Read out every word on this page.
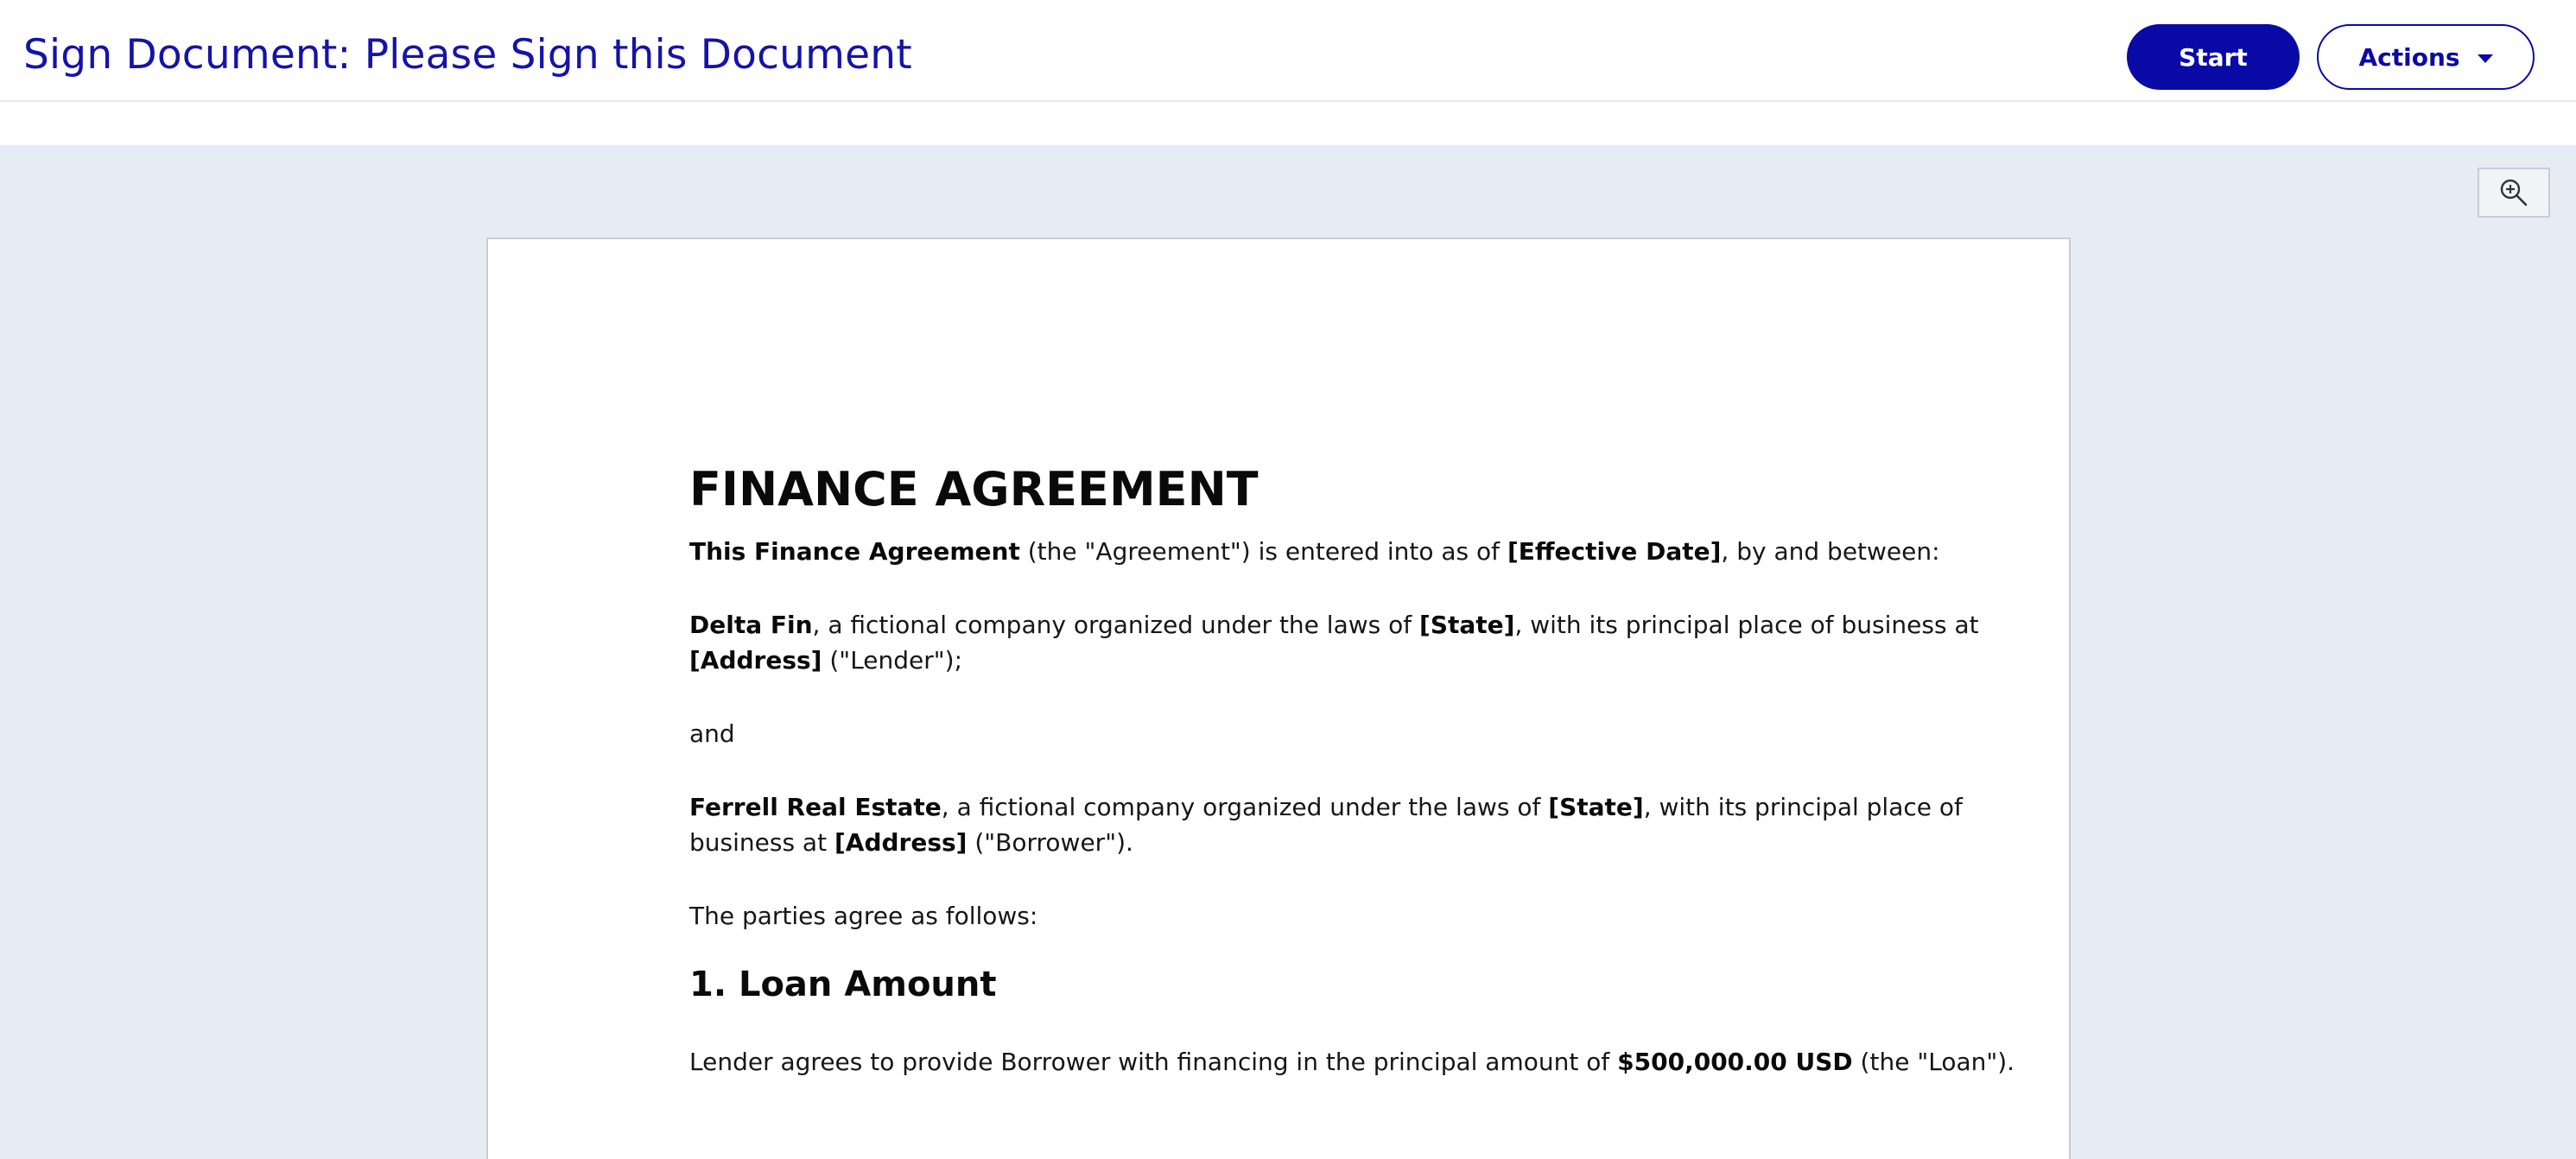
Sign Document: Please Sign this Document	Start	Actions
FINANCE AGREEMENT
This Finance Agreement (the "Agreement") is entered into as of [Effective Date], by and between:
Delta Fin, a fictional company organized under the laws of [State], with its principal place of business at
[Address] ("Lender");
and
Ferrell Real Estate, a fictional company organized under the laws of [State], with its principal place of
business at [Address] ("Borrower").
The parties agree as follows:
1. Loan Amount
Lender agrees to provide Borrower with financing in the principal amount of $500,000.00 USD (the "Loan").
